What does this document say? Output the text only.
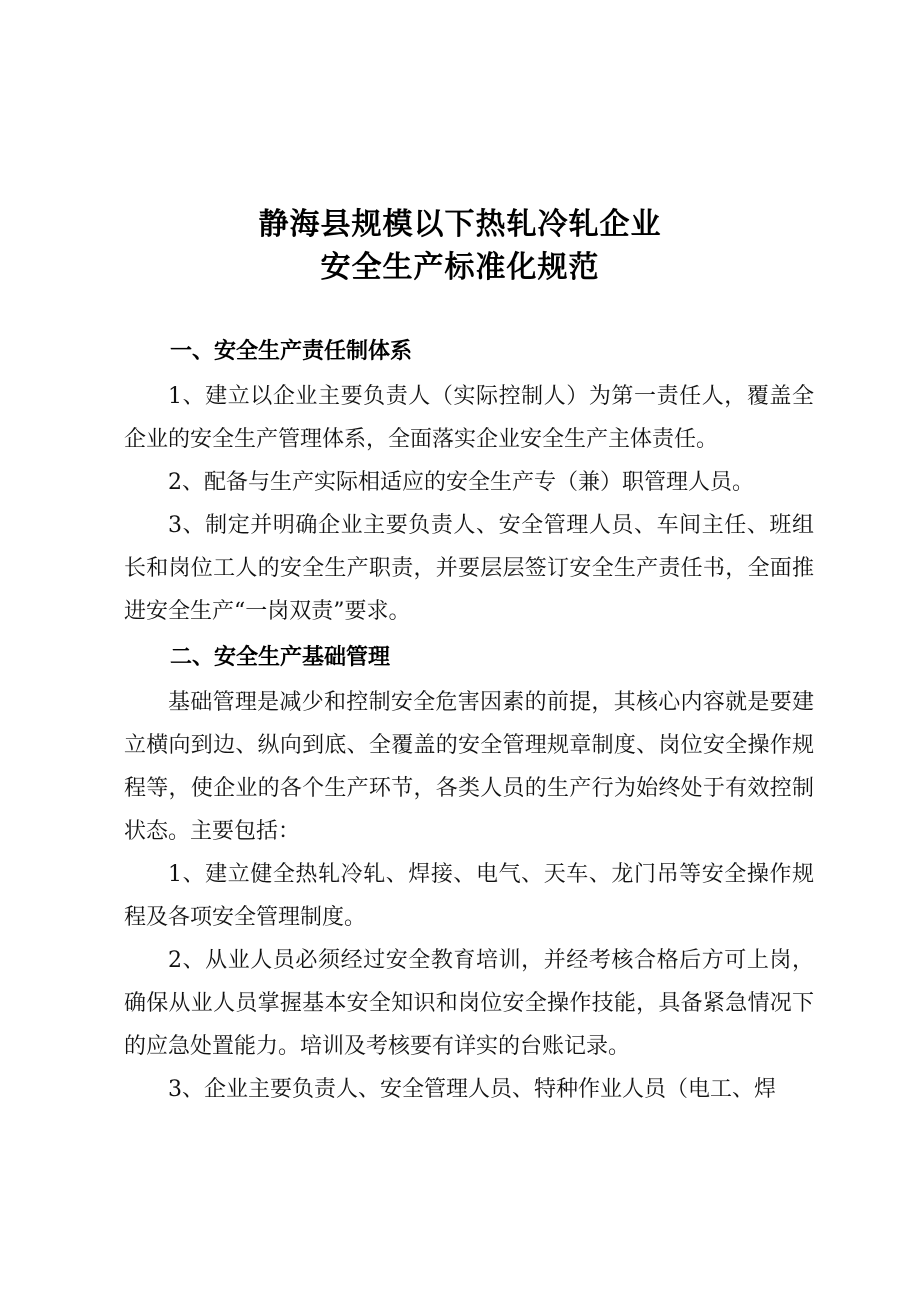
静海县规模以下热轧冷轧企业
安全生产标准化规范
一、安全生产责任制体系

1、建立以企业主要负责人（实际控制人）为第一责任人，覆盖全企业的安全生产管理体系，全面落实企业安全生产主体责任。

2、配备与生产实际相适应的安全生产专（兼）职管理人员。

3、制定并明确企业主要负责人、安全管理人员、车间主任、班组长和岗位工人的安全生产职责，并要层层签订安全生产责任书，全面推进安全生产“一岗双责”要求。

二、安全生产基础管理

基础管理是减少和控制安全危害因素的前提，其核心内容就是要建立横向到边、纵向到底、全覆盖的安全管理规章制度、岗位安全操作规程等，使企业的各个生产环节，各类人员的生产行为始终处于有效控制状态。主要包括：

1、建立健全热轧冷轧、焊接、电气、天车、龙门吊等安全操作规程及各项安全管理制度。

2、从业人员必须经过安全教育培训，并经考核合格后方可上岗，确保从业人员掌握基本安全知识和岗位安全操作技能，具备紧急情况下的应急处置能力。培训及考核要有详实的台账记录。

3、企业主要负责人、安全管理人员、特种作业人员（电工、焊
